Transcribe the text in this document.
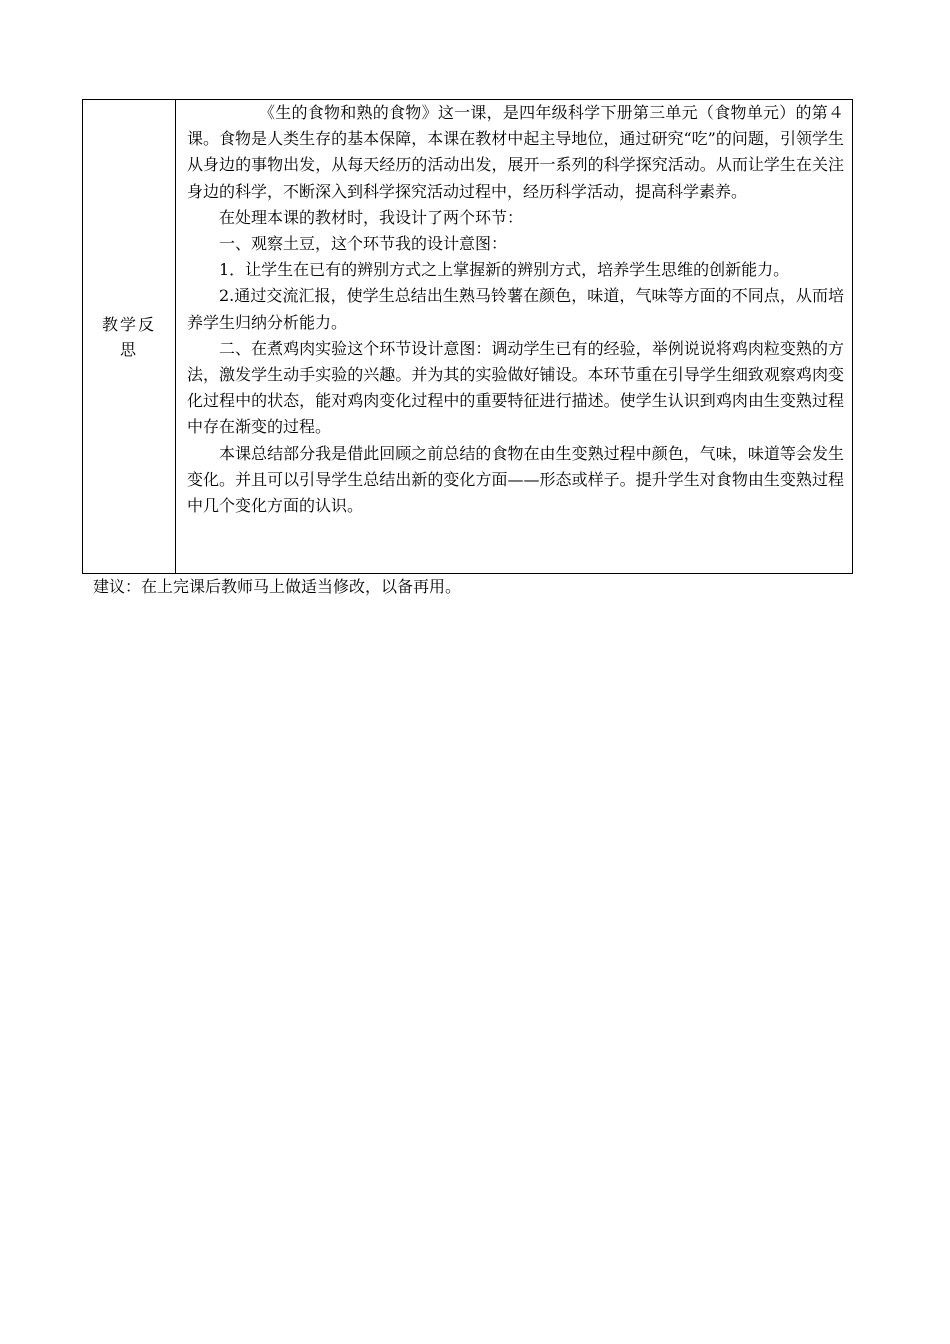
教学反思

《生的食物和熟的食物》这一课，是四年级科学下册第三单元（食物单元）的第４课。食物是人类生存的基本保障，本课在教材中起主导地位，通过研究“吃”的问题，引领学生从身边的事物出发，从每天经历的活动出发，展开一系列的科学探究活动。从而让学生在关注身边的科学，不断深入到科学探究活动过程中，经历科学活动，提高科学素养。

在处理本课的教材时，我设计了两个环节：

一、观察土豆，这个环节我的设计意图：

1．让学生在已有的辨别方式之上掌握新的辨别方式，培养学生思维的创新能力。

2.通过交流汇报，使学生总结出生熟马铃薯在颜色，味道，气味等方面的不同点，从而培养学生归纳分析能力。

二、在煮鸡肉实验这个环节设计意图：调动学生已有的经验，举例说说将鸡肉粒变熟的方法，激发学生动手实验的兴趣。并为其的实验做好铺设。本环节重在引导学生细致观察鸡肉变化过程中的状态，能对鸡肉变化过程中的重要特征进行描述。使学生认识到鸡肉由生变熟过程中存在渐变的过程。

本课总结部分我是借此回顾之前总结的食物在由生变熟过程中颜色，气味，味道等会发生变化。并且可以引导学生总结出新的变化方面——形态或样子。提升学生对食物由生变熟过程中几个变化方面的认识。

建议：在上完课后教师马上做适当修改，以备再用。
